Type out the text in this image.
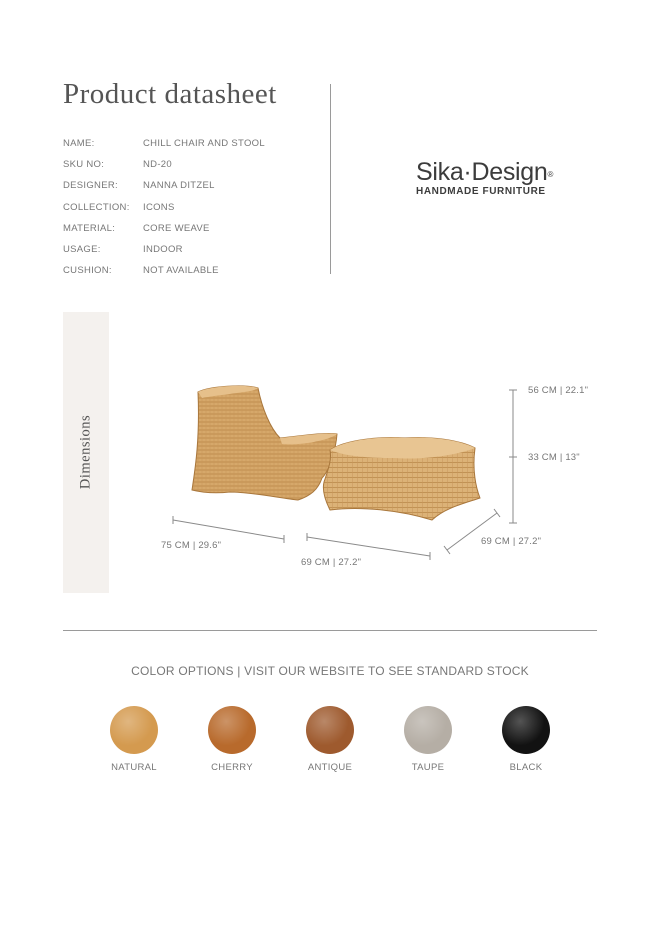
Product datasheet
NAME:	CHILL CHAIR AND STOOL
SKU NO:	ND-20
DESIGNER:	NANNA DITZEL
COLLECTION:	ICONS
MATERIAL:	CORE WEAVE
USAGE:	INDOOR
CUSHION:	NOT AVAILABLE
Sika·Design®
HANDMADE FURNITURE
Dimensions
56 CM | 22.1"
33 CM | 13"
75 CM | 29.6"
69 CM | 27.2"
69 CM | 27.2"
COLOR OPTIONS | VISIT OUR WEBSITE TO SEE STANDARD STOCK
NATURAL	CHERRY	ANTIQUE	TAUPE	BLACK
